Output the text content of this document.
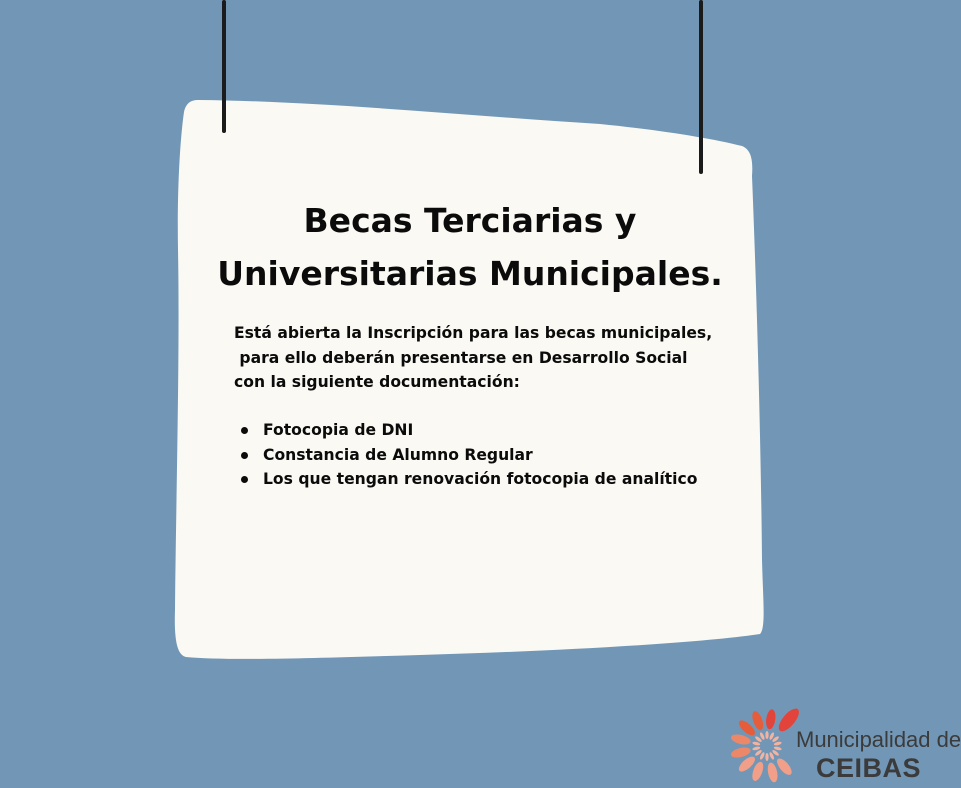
Becas Terciarias y
Universitarias Municipales.

Está abierta la Inscripción para las becas municipales,
para ello deberán presentarse en Desarrollo Social
con la siguiente documentación:

Fotocopia de DNI
Constancia de Alumno Regular
Los que tengan renovación fotocopia de analítico
Municipalidad de
CEIBAS
